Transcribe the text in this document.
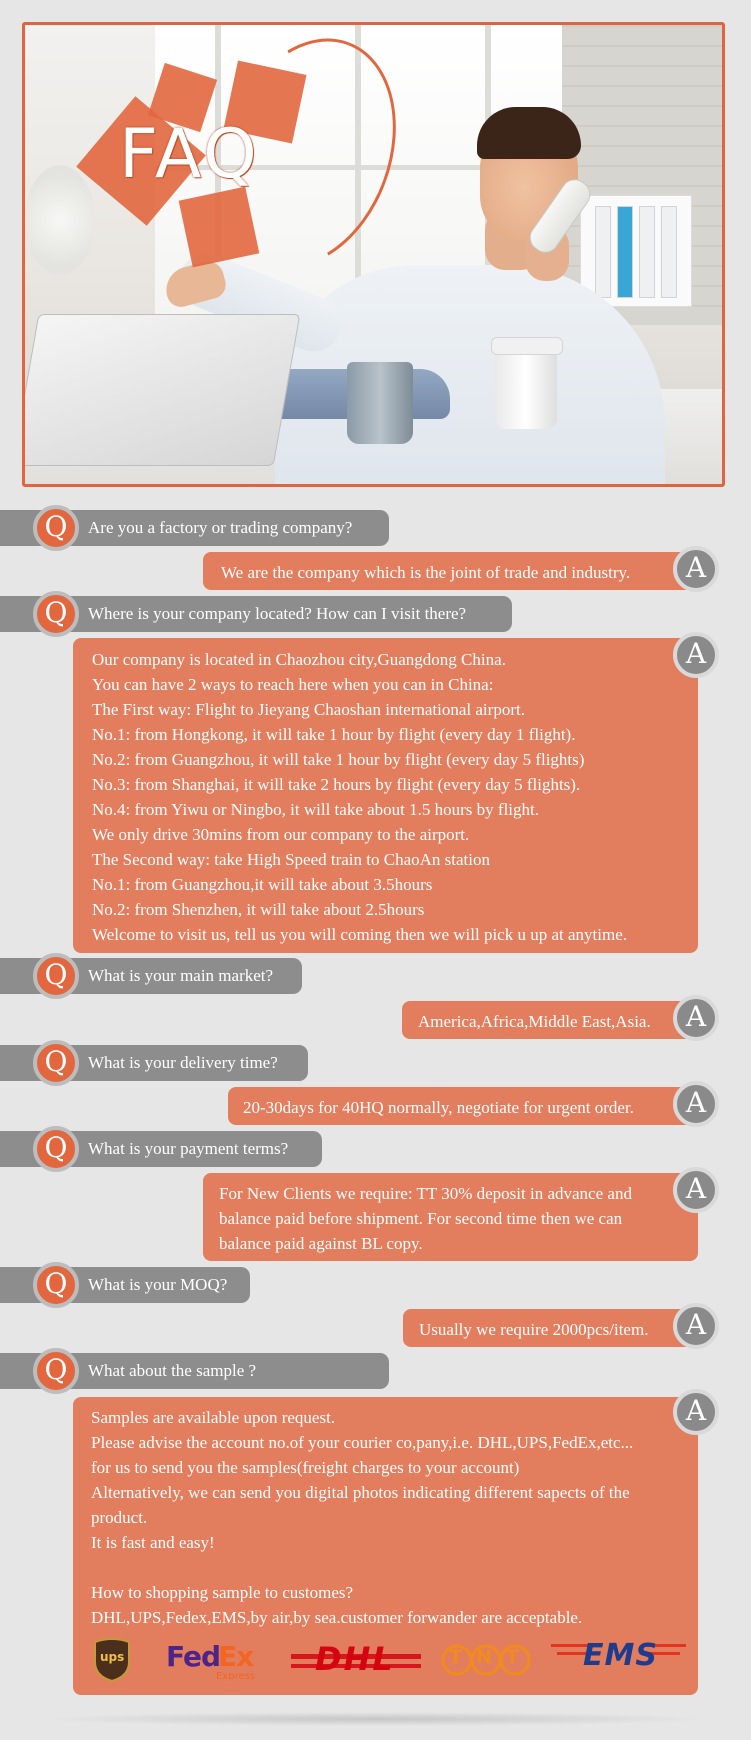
FAQ
Are you a factory or trading company?
Q
We are the company which is the joint of trade and industry.	A
Where is your company located? How can I visit there?
Q
Our company is located in Chaozhou city,Guangdong China.
You can have 2 ways to reach here when you can in China:
The First way: Flight to Jieyang Chaoshan international airport.
No.1: from Hongkong, it will take 1 hour by flight (every day 1 flight).
No.2: from Guangzhou, it will take 1 hour by flight (every day 5 flights)
No.3: from Shanghai, it will take 2 hours by flight (every day 5 flights).
No.4: from Yiwu or Ningbo, it will take about 1.5 hours by flight.
We only drive 30mins from our company to the airport.
The Second way: take High Speed train to ChaoAn station
No.1: from Guangzhou,it will take about 3.5hours
No.2: from Shenzhen, it will take about 2.5hours
Welcome to visit us, tell us you will coming then we will pick u up at anytime.
A
What is your main market?
Q
America,Africa,Middle East,Asia.	A
What is your delivery time?
Q
20-30days for 40HQ normally, negotiate for urgent order.	A
What is your payment terms?
Q
For New Clients we require: TT 30% deposit in advance and
balance paid before shipment. For second time then we can
balance paid against BL copy.
A
What is your MOQ?
Q
Usually we require 2000pcs/item.	A
What about the sample ?
Q
Samples are available upon request.
Please advise the account no.of your courier co,pany,i.e. DHL,UPS,FedEx,etc...
for us to send you the samples(freight charges to your account)
Alternatively, we can send you digital photos indicating different sapects of the
product.
It is fast and easy!
How to shopping sample to customes?
DHL,UPS,Fedex,EMS,by air,by sea.customer forwander are acceptable.
A
ups Fed
Ex
Express DHL	TNT EMS
